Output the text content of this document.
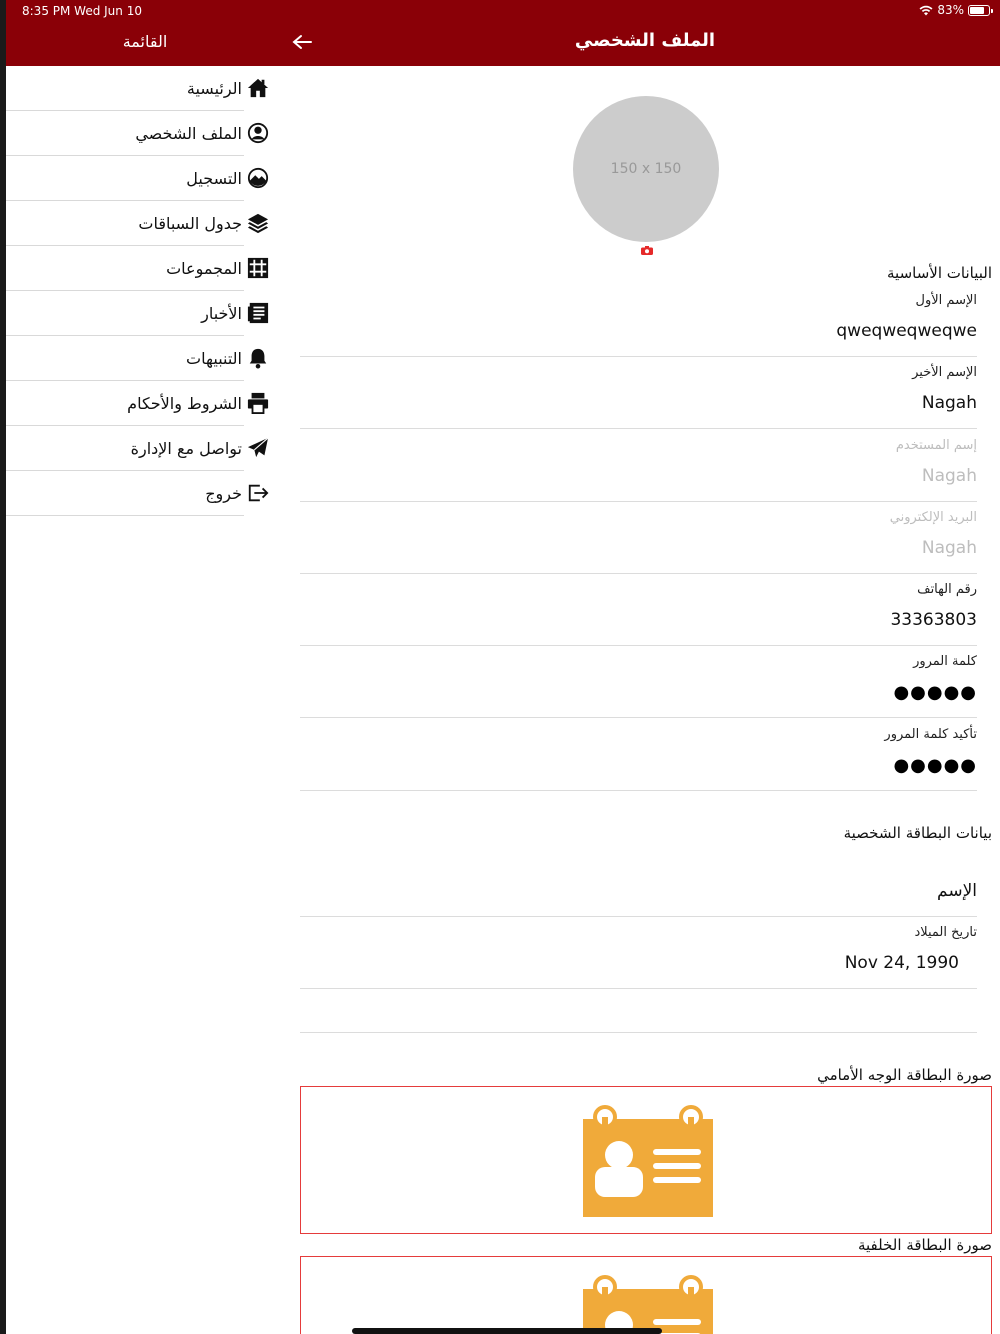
8:35 PM Wed Jun 10	83%
القائمة	الملف الشخصي
الرئيسية
الملف الشخصي
التسجيل
جدول السباقات
المجموعات
الأخبار
التنبيهات
الشروط والأحكام
تواصل مع الإدارة
خروج
150 x 150
البيانات الأساسية
الإسم الأول
qweqweqweqwe
الإسم الأخير
Nagah
إسم المستخدم
Nagah
البريد الإلكتروني
Nagah
رقم الهاتف
33363803
كلمة المرور
●●●●●
تأكيد كلمة المرور
●●●●●
بيانات البطاقة الشخصية
الإسم
تاريخ الميلاد
Nov 24, 1990
صورة البطاقة الوجه الأمامي
صورة البطاقة الخلفية
